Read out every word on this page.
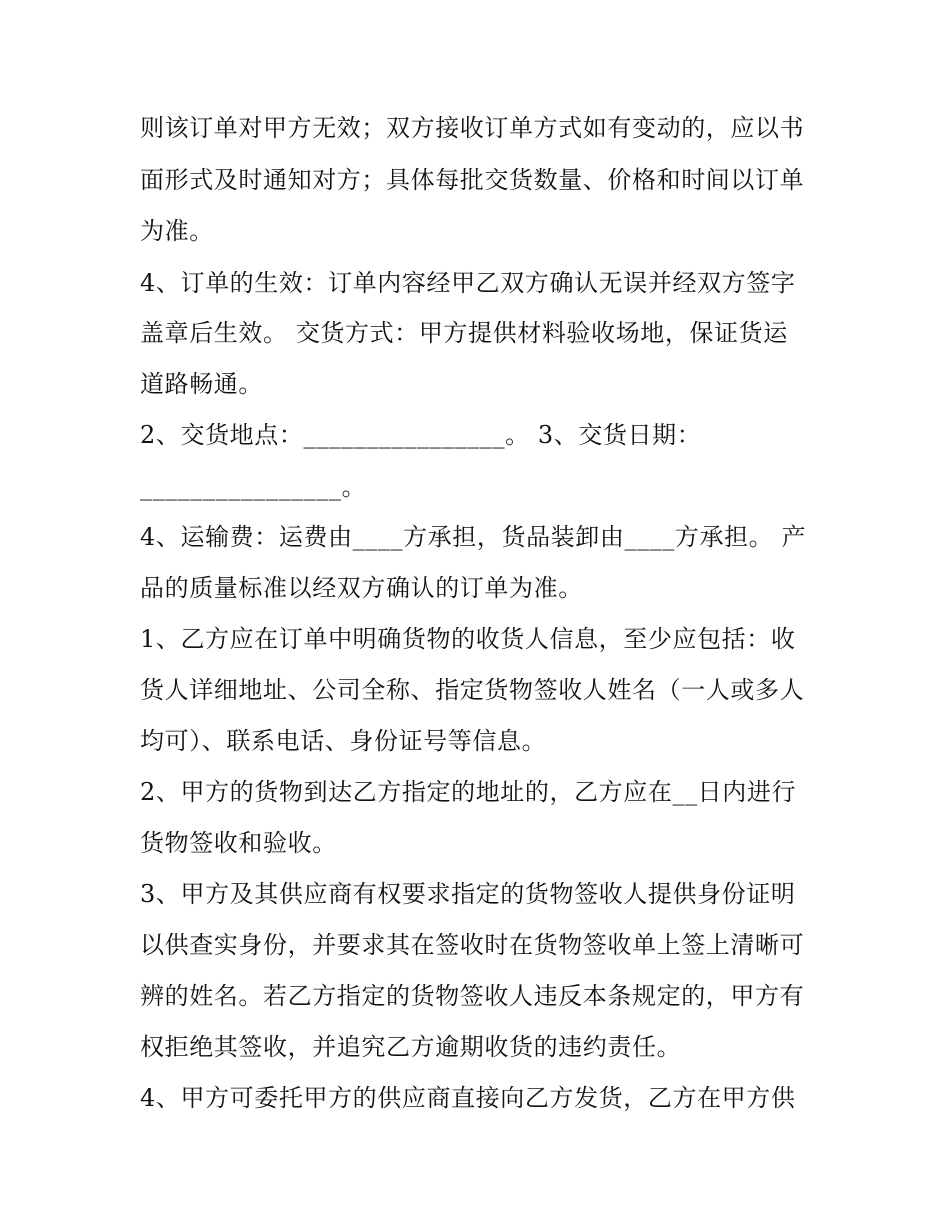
则该订单对甲方无效；双方接收订单方式如有变动的，应以书
面形式及时通知对方；具体每批交货数量、价格和时间以订单
为准。
4、订单的生效：订单内容经甲乙双方确认无误并经双方签字
盖章后生效。 交货方式：甲方提供材料验收场地，保证货运
道路畅通。
2、交货地点：________________。 3、交货日期：
________________。
4、运输费：运费由____方承担，货品装卸由____方承担。 产
品的质量标准以经双方确认的订单为准。
1、乙方应在订单中明确货物的收货人信息，至少应包括：收
货人详细地址、公司全称、指定货物签收人姓名（一人或多人
均可）、联系电话、身份证号等信息。
2、甲方的货物到达乙方指定的地址的，乙方应在__日内进行
货物签收和验收。
3、甲方及其供应商有权要求指定的货物签收人提供身份证明
以供查实身份，并要求其在签收时在货物签收单上签上清晰可
辨的姓名。若乙方指定的货物签收人违反本条规定的，甲方有
权拒绝其签收，并追究乙方逾期收货的违约责任。
4、甲方可委托甲方的供应商直接向乙方发货，乙方在甲方供
